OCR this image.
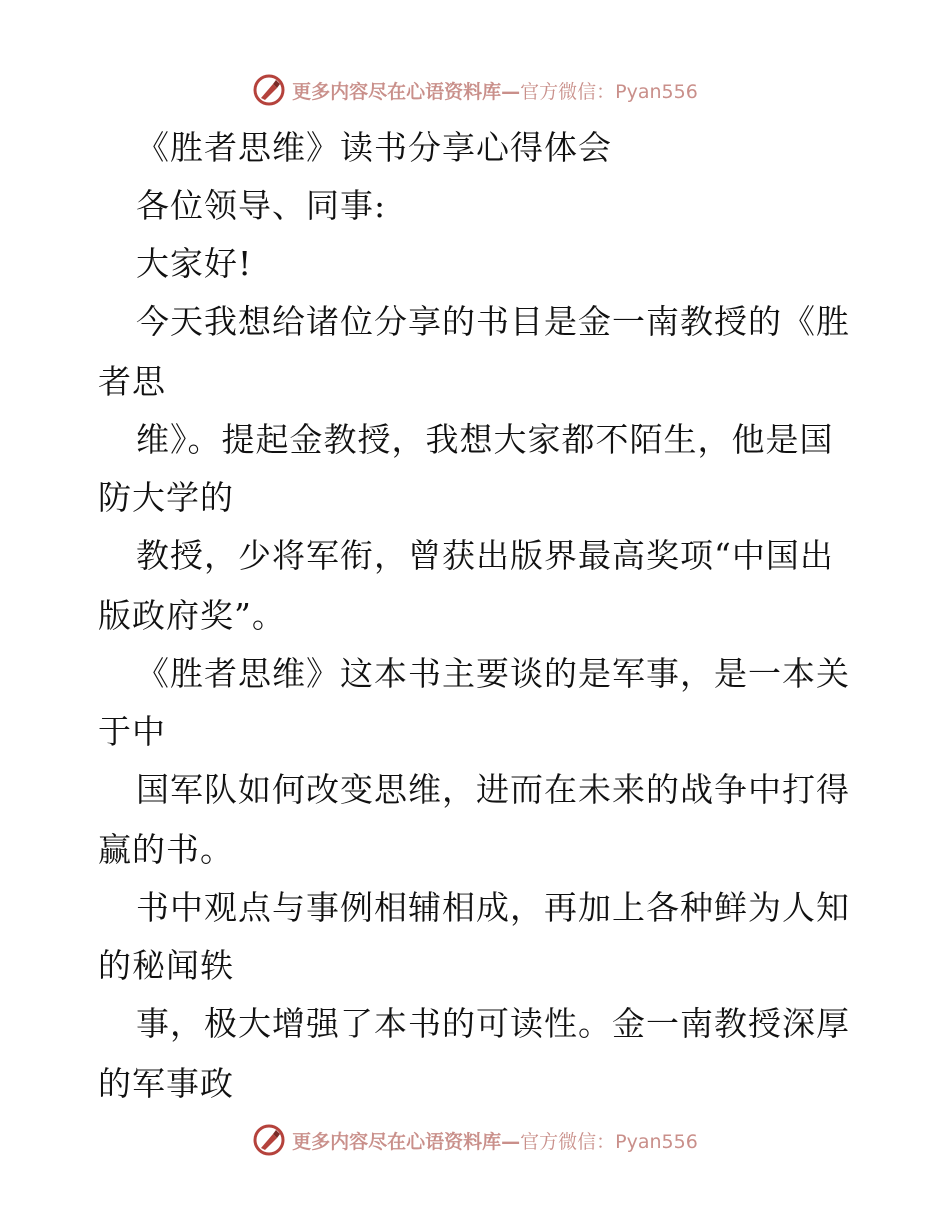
更多内容尽在心语资料库—官方微信：Pyan556
《胜者思维》读书分享心得体会
各位领导、同事:
大家好!
今天我想给诸位分享的书目是金一南教授的《胜
者思
维》。提起金教授，我想大家都不陌生，他是国
防大学的
教授，少将军衔，曾获出版界最高奖项“中国出
版政府奖”。
《胜者思维》这本书主要谈的是军事，是一本关
于中
国军队如何改变思维，进而在未来的战争中打得
赢的书。
书中观点与事例相辅相成，再加上各种鲜为人知
的秘闻轶
事，极大增强了本书的可读性。金一南教授深厚
的军事政
更多内容尽在心语资料库—官方微信：Pyan556
